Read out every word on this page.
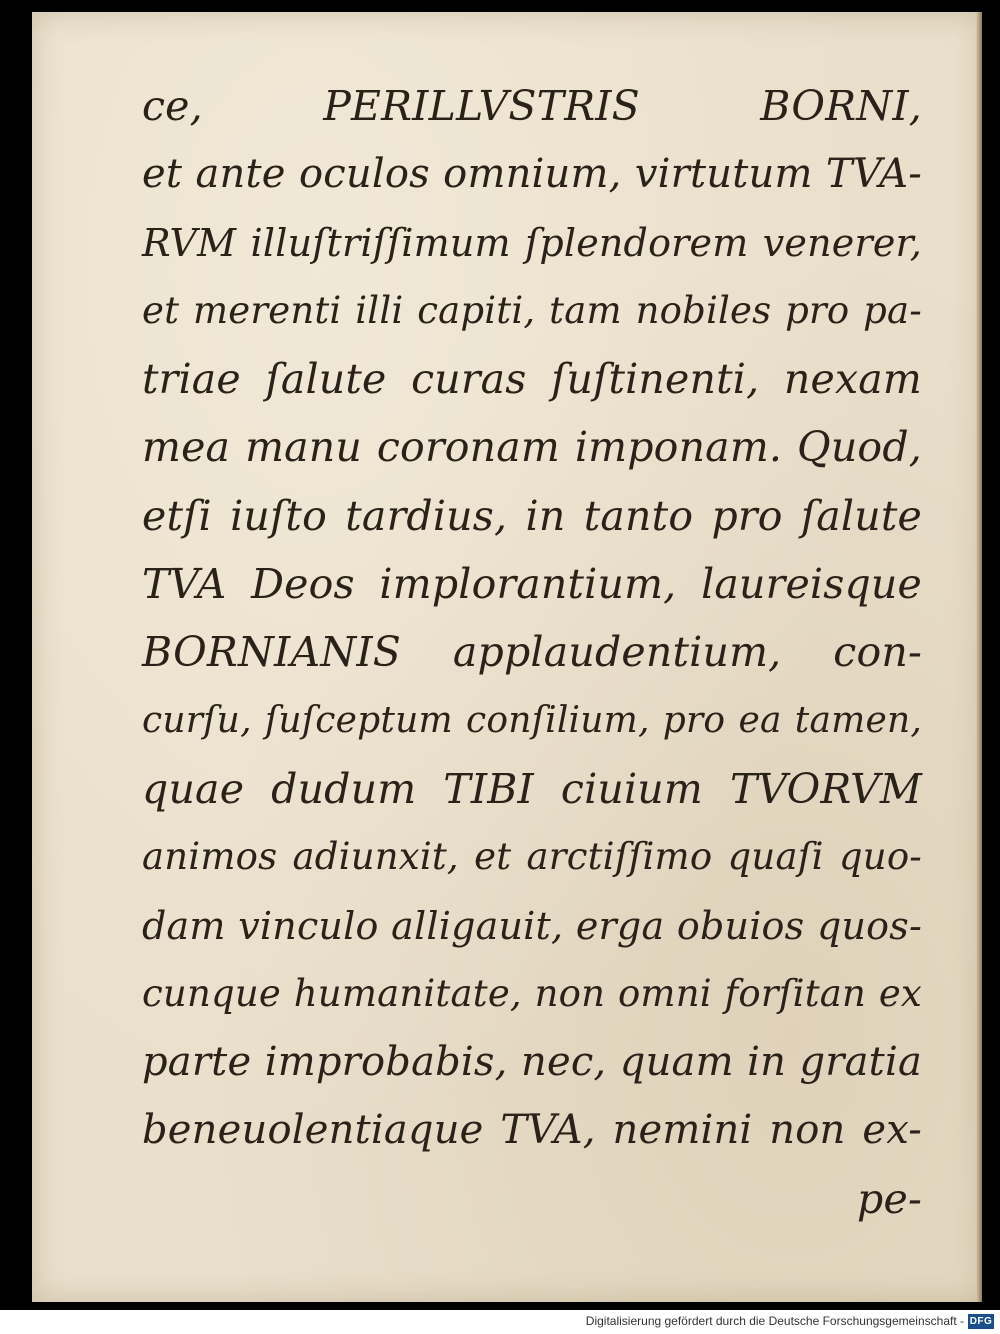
ce, PERILLVSTRIS BORNI,
et ante oculos omnium, virtutum TVA-
RVM illuſtriſſimum ſplendorem venerer,
et merenti illi capiti, tam nobiles pro pa-
triae ſalute curas ſuſtinenti, nexam
mea manu coronam imponam. Quod,
etſi iuſto tardius, in tanto pro ſalute
TVA Deos implorantium, laureisque
BORNIANIS applaudentium, con-
curſu, ſuſceptum conſilium, pro ea tamen,
quae dudum TIBI ciuium TVORVM
animos adiunxit, et arctiſſimo quaſi quo-
dam vinculo alligauit, erga obuios quos-
cunque humanitate, non omni forſitan ex
parte improbabis, nec, quam in gratia
beneuolentiaque TVA, nemini non ex-
pe-
Digitalisierung gefördert durch die Deutsche Forschungsgemeinschaft - DFG
